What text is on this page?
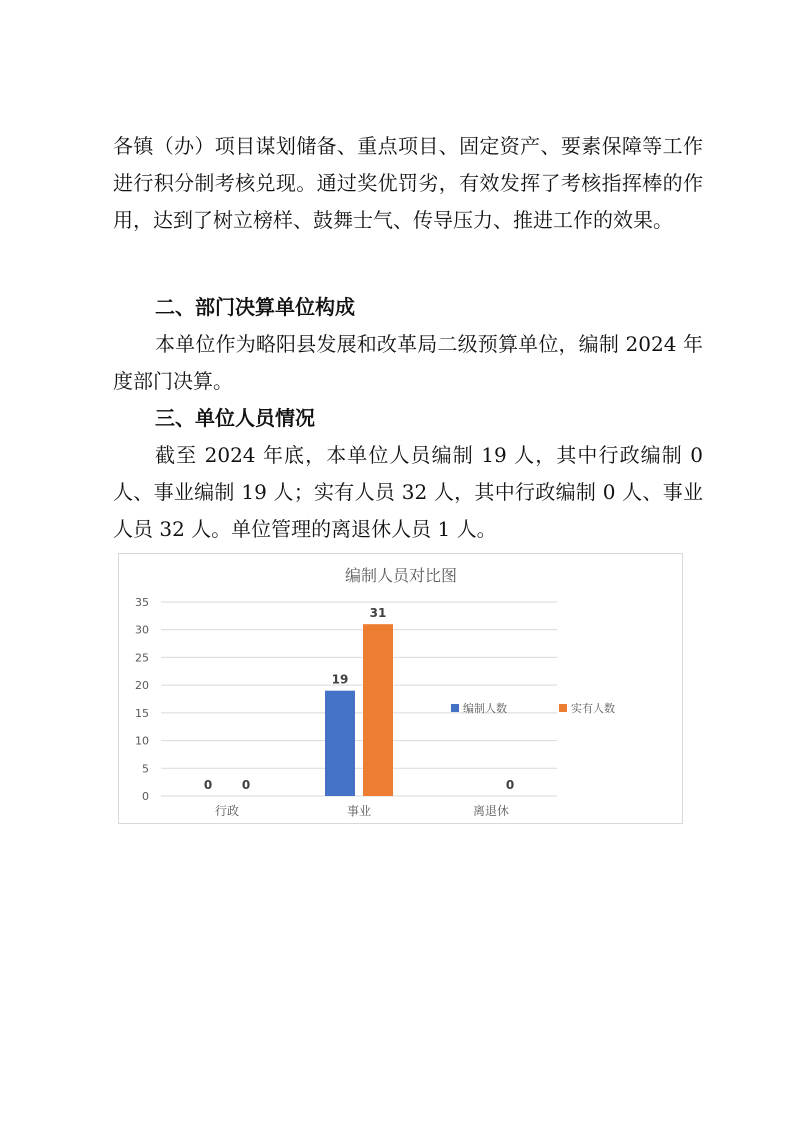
各镇（办）项目谋划储备、重点项目、固定资产、要素保障等工作进行积分制考核兑现。通过奖优罚劣，有效发挥了考核指挥棒的作用，达到了树立榜样、鼓舞士气、传导压力、推进工作的效果。

二、部门决算单位构成

本单位作为略阳县发展和改革局二级预算单位，编制 2024 年度部门决算。

三、单位人员情况

截至 2024 年底，本单位人员编制 19 人，其中行政编制 0 人、事业编制 19 人；实有人员 32 人，其中行政编制 0 人、事业人员 32 人。单位管理的离退休人员 1 人。

编制人员对比图
0
5
10
15
20
25
30
35
0 0
19
31
0
行政	事业	离退休
编制人数	实有人数
